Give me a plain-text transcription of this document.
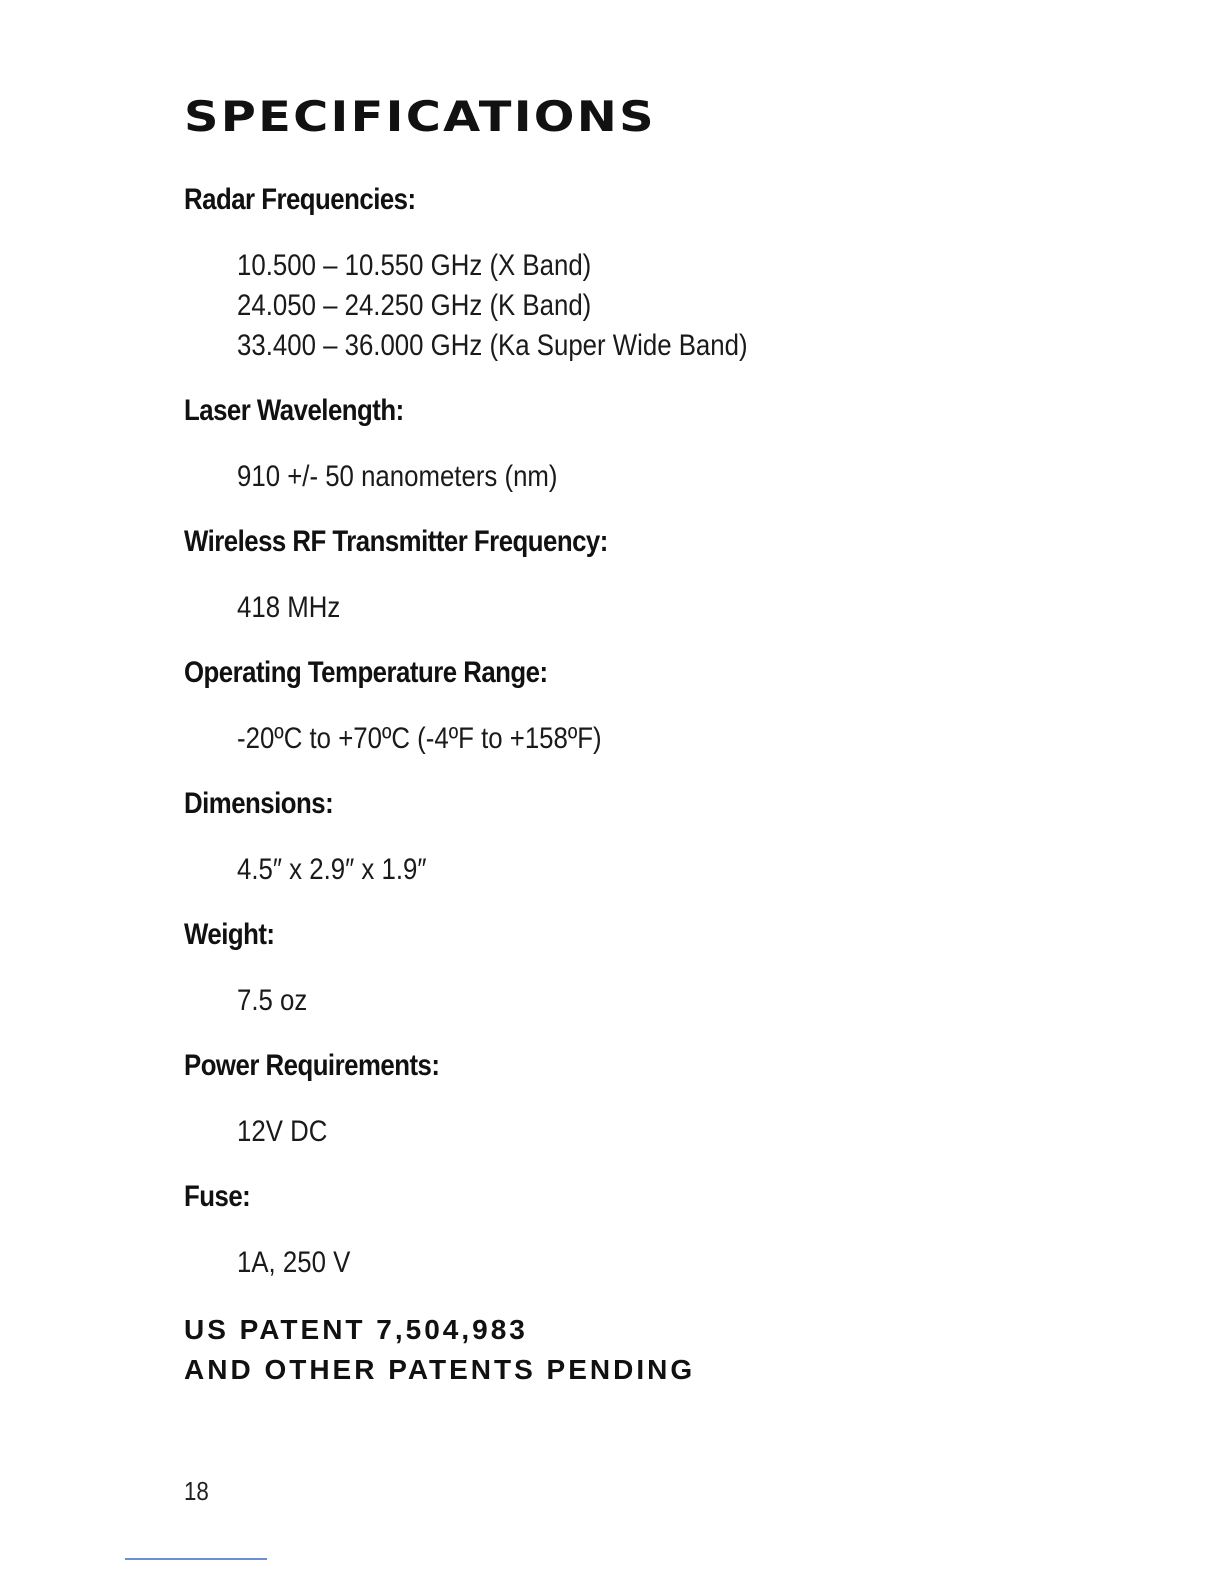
SPECIFICATIONS
Radar Frequencies:
10.500 – 10.550 GHz (X Band)
24.050 – 24.250 GHz (K Band)
33.400 – 36.000 GHz (Ka Super Wide Band)
Laser Wavelength:
910 +/- 50 nanometers (nm)
Wireless RF Transmitter Frequency:
418 MHz
Operating Temperature Range:
-20ºC to +70ºC (-4ºF to +158ºF)
Dimensions:
4.5″ x 2.9″ x 1.9″
Weight:
7.5 oz
Power Requirements:
12V DC
Fuse:
1A, 250 V
US PATENT 7,504,983
AND OTHER PATENTS PENDING
18
